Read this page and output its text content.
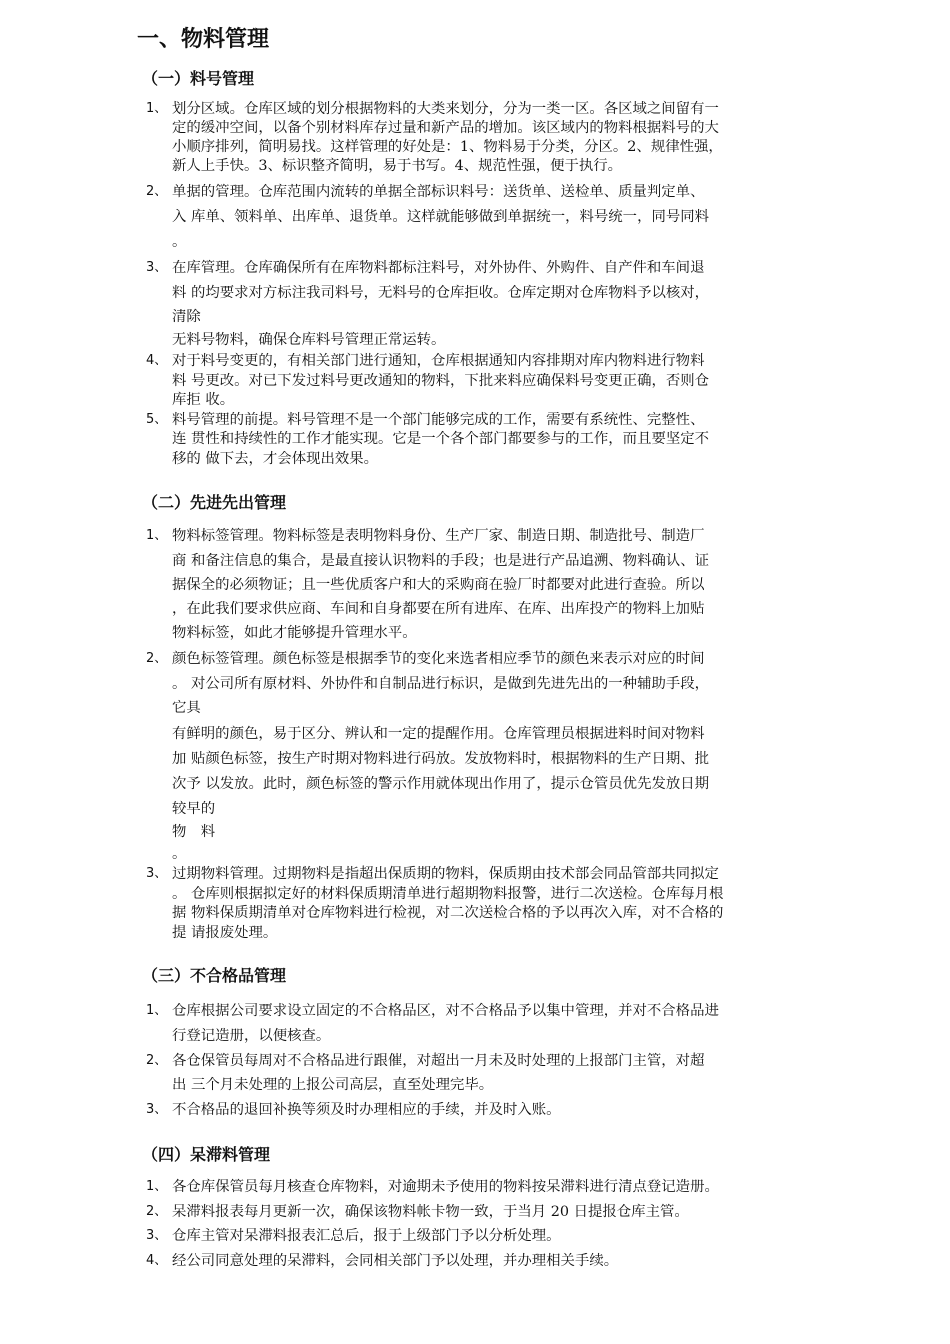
一、物料管理
（一）料号管理
1、 划分区域。仓库区域的划分根据物料的大类来划分，分为一类一区。各区域之间留有一
定的缓冲空间，以备个别材料库存过量和新产品的增加。该区域内的物料根据料号的大
小顺序排列，简明易找。这样管理的好处是：1、物料易于分类，分区。2、规律性强，
新人上手快。3、标识整齐简明，易于书写。4、规范性强，便于执行。
2、 单据的管理。仓库范围内流转的单据全部标识料号：送货单、送检单、质量判定单、
入 库单、领料单、出库单、退货单。这样就能够做到单据统一，料号统一，同号同料
。
3、 在库管理。仓库确保所有在库物料都标注料号，对外协件、外购件、自产件和车间退
料 的均要求对方标注我司料号，无料号的仓库拒收。仓库定期对仓库物料予以核对，
清除
无料号物料，确保仓库料号管理正常运转。
4、 对于料号变更的，有相关部门进行通知，仓库根据通知内容排期对库内物料进行物料
料 号更改。对已下发过料号更改通知的物料，下批来料应确保料号变更正确，否则仓
库拒 收。
5、 料号管理的前提。料号管理不是一个部门能够完成的工作，需要有系统性、完整性、
连 贯性和持续性的工作才能实现。它是一个各个部门都要参与的工作，而且要坚定不
移的 做下去，才会体现出效果。
（二）先进先出管理
1、 物料标签管理。物料标签是表明物料身份、生产厂家、制造日期、制造批号、制造厂
商 和备注信息的集合，是最直接认识物料的手段；也是进行产品追溯、物料确认、证
据保全的必须物证；且一些优质客户和大的采购商在验厂时都要对此进行查验。所以
，在此我们要求供应商、车间和自身都要在所有进库、在库、出库投产的物料上加贴
物料标签，如此才能够提升管理水平。
2、 颜色标签管理。颜色标签是根据季节的变化来选者相应季节的颜色来表示对应的时间
。 对公司所有原材料、外协件和自制品进行标识，是做到先进先出的一种辅助手段，
它具
有鲜明的颜色，易于区分、辨认和一定的提醒作用。仓库管理员根据进料时间对物料
加 贴颜色标签，按生产时期对物料进行码放。发放物料时，根据物料的生产日期、批
次予 以发放。此时，颜色标签的警示作用就体现出作用了，提示仓管员优先发放日期
较早的
物　料
。
3、 过期物料管理。过期物料是指超出保质期的物料，保质期由技术部会同品管部共同拟定
。 仓库则根据拟定好的材料保质期清单进行超期物料报警，进行二次送检。仓库每月根
据 物料保质期清单对仓库物料进行检视，对二次送检合格的予以再次入库，对不合格的
提 请报废处理。
（三）不合格品管理
1、 仓库根据公司要求设立固定的不合格品区，对不合格品予以集中管理，并对不合格品进
行登记造册，以便核查。
2、 各仓保管员每周对不合格品进行跟催，对超出一月未及时处理的上报部门主管，对超
出 三个月未处理的上报公司高层，直至处理完毕。
3、 不合格品的退回补换等须及时办理相应的手续，并及时入账。
（四）呆滞料管理
1、 各仓库保管员每月核查仓库物料，对逾期未予使用的物料按呆滞料进行清点登记造册。
2、 呆滞料报表每月更新一次，确保该物料帐卡物一致，于当月 20 日提报仓库主管。
3、 仓库主管对呆滞料报表汇总后，报于上级部门予以分析处理。
4、 经公司同意处理的呆滞料，会同相关部门予以处理，并办理相关手续。
